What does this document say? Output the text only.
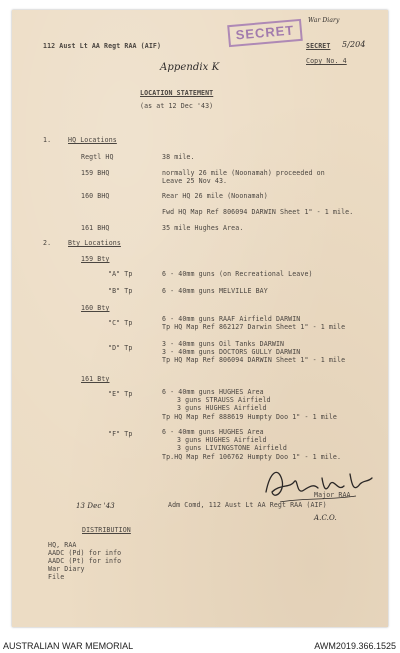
War Diary
SECRET
112 Aust Lt AA Regt RAA (AIF)	SECRET 5/204
Copy No. 4
Appendix K
LOCATION STATEMENT
(as at 12 Dec '43)
1.	HQ Locations
Regtl HQ	38 mile.
159 BHQ	normally 26 mile (Noonamah) proceeded on
Leave 25 Nov 43.
160 BHQ	Rear HQ 26 mile (Noonamah)
Fwd HQ Map Ref 806094 DARWIN Sheet 1" - 1 mile.
161 BHQ	35 mile Hughes Area.
2.	Bty Locations
159 Bty
"A" Tp	6 - 40mm guns (on Recreational Leave)
"B" Tp	6 - 40mm guns MELVILLE BAY
160 Bty
"C" Tp	6 - 40mm guns RAAF Airfield DARWIN
Tp HQ Map Ref 862127 Darwin Sheet 1" - 1 mile
"D" Tp	3 - 40mm guns Oil Tanks DARWIN
3 - 40mm guns DOCTORS GULLY DARWIN
Tp HQ Map Ref 806094 DARWIN Sheet 1" - 1 mile
161 Bty
"E" Tp	6 - 40mm guns HUGHES Area
3 guns STRAUSS Airfield
3 guns HUGHES Airfield
Tp HQ Map Ref 888619 Humpty Doo 1" - 1 mile
"F" Tp	6 - 40mm guns HUGHES Area
3 guns HUGHES Airfield
3 guns LIVINGSTONE Airfield
Tp.HQ Map Ref 106762 Humpty Doo 1" - 1 mile.
Major RAA
13 Dec '43	Adm Comd, 112 Aust Lt AA Regt RAA (AIF)
A.C.O.
DISTRIBUTION
HQ, RAA
AADC (Pd) for info
AADC (Pt) for info
War Diary
File
AUSTRALIAN WAR MEMORIAL	AWM2019.366.1525
